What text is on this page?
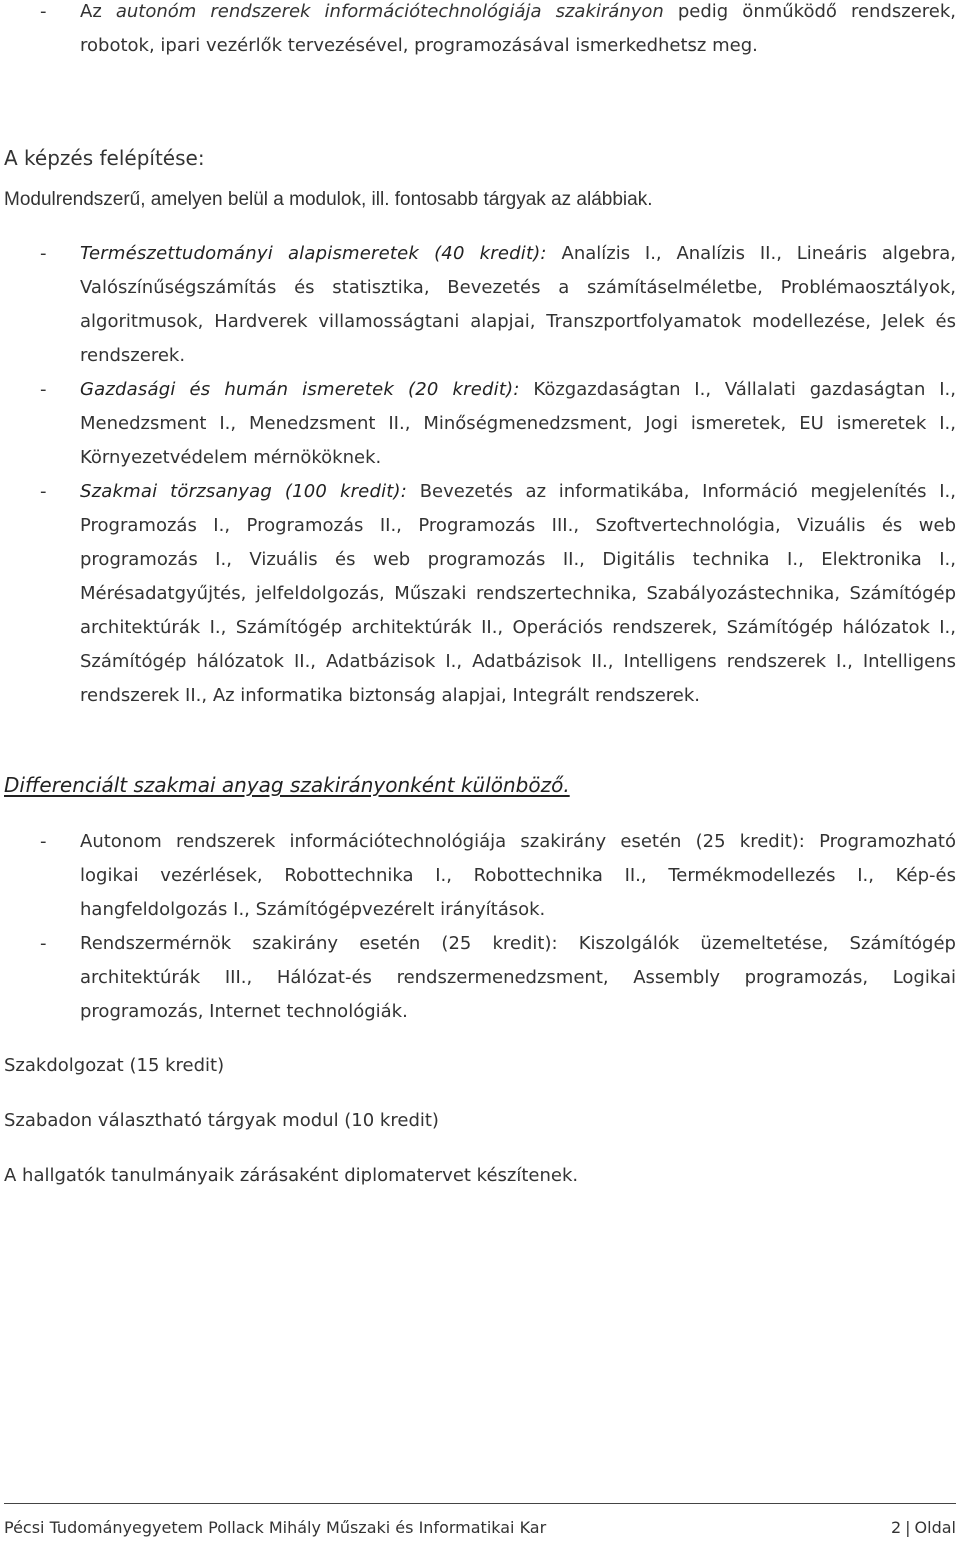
- Az autonóm rendszerek információtechnológiája szakirányon pedig önműködő rendszerek, robotok, ipari vezérlők tervezésével, programozásával ismerkedhetsz meg.

A képzés felépítése:

Modulrendszerű, amelyen belül a modulok, ill. fontosabb tárgyak az alábbiak.

- Természettudományi alapismeretek (40 kredit): Analízis I., Analízis II., Lineáris algebra, Valószínűségszámítás és statisztika, Bevezetés a számításelméletbe, Problémaosztályok, algoritmusok, Hardverek villamosságtani alapjai, Transzportfolyamatok modellezése, Jelek és rendszerek.
- Gazdasági és humán ismeretek (20 kredit): Közgazdaságtan I., Vállalati gazdaságtan I., Menedzsment I., Menedzsment II., Minőségmenedzsment, Jogi ismeretek, EU ismeretek I., Környezetvédelem mérnököknek.
- Szakmai törzsanyag (100 kredit): Bevezetés az informatikába, Információ megjelenítés I., Programozás I., Programozás II., Programozás III., Szoftvertechnológia, Vizuális és web programozás I., Vizuális és web programozás II., Digitális technika I., Elektronika I., Mérésadatgyűjtés, jelfeldolgozás, Műszaki rendszertechnika, Szabályozástechnika, Számítógép architektúrák I., Számítógép architektúrák II., Operációs rendszerek, Számítógép hálózatok I., Számítógép hálózatok II., Adatbázisok I., Adatbázisok II., Intelligens rendszerek I., Intelligens rendszerek II., Az informatika biztonság alapjai, Integrált rendszerek.

Differenciált szakmai anyag szakirányonként különböző.

- Autonom rendszerek információtechnológiája szakirány esetén (25 kredit): Programozható logikai vezérlések, Robottechnika I., Robottechnika II., Termékmodellezés I., Kép-és hangfeldolgozás I., Számítógépvezérelt irányítások.
- Rendszermérnök szakirány esetén (25 kredit): Kiszolgálók üzemeltetése, Számítógép architektúrák III., Hálózat-és rendszermenedzsment, Assembly programozás, Logikai programozás, Internet technológiák.

Szakdolgozat (15 kredit)

Szabadon választható tárgyak modul (10 kredit)

A hallgatók tanulmányaik zárásaként diplomatervet készítenek.

Pécsi Tudományegyetem Pollack Mihály Műszaki és Informatikai Kar	2 | Oldal
